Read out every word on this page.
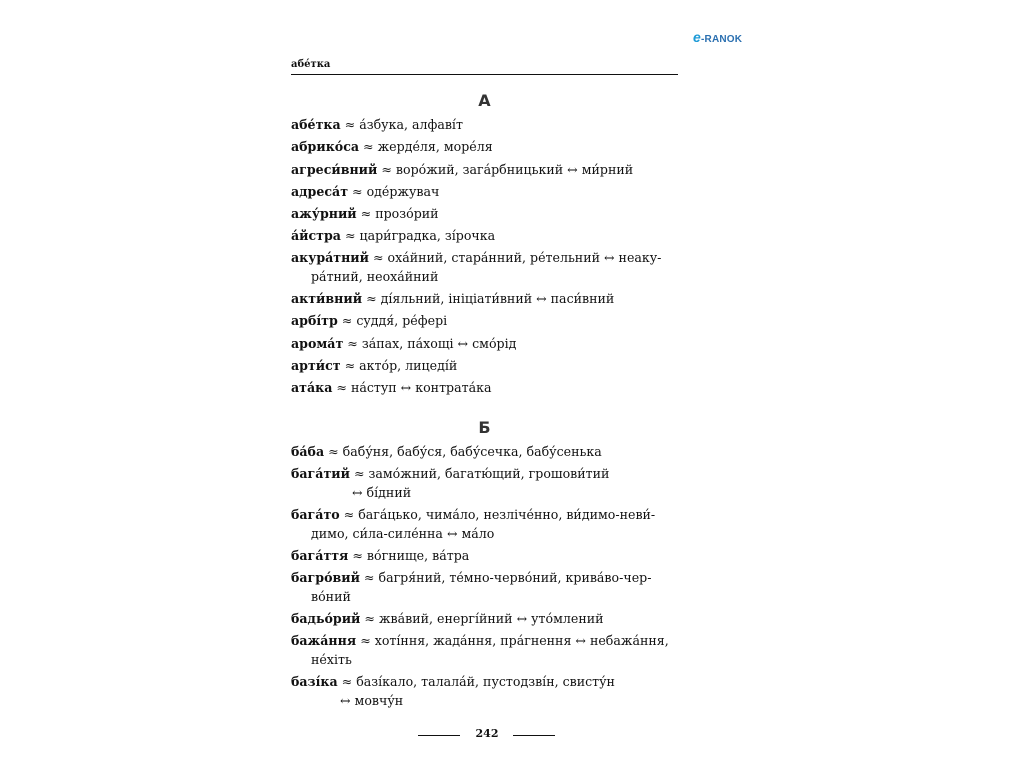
e-RANOK
абе́тка
А
абе́тка ≈ а́збука, алфаві́т
абрико́са ≈ жерде́ля, море́ля
агреси́вний ≈ воро́жий, зага́рбницький ↔ ми́рний
адреса́т ≈ оде́ржувач
ажу́рний ≈ прозо́рий
а́йстра ≈ цари́градка, зі́рочка
акура́тний ≈ оха́йний, стара́нний, ре́тельний ↔ неаку-
ра́тний, неоха́йний
акти́вний ≈ ді́яльний, ініціати́вний ↔ паси́вний
арбі́тр ≈ суддя́, ре́фері
арома́т ≈ за́пах, па́хощі ↔ смо́рід
арти́ст ≈ акто́р, лицеді́й
ата́ка ≈ на́ступ ↔ контрата́ка
Б
ба́ба ≈ бабу́ня, бабу́ся, бабу́сечка, бабу́сенька
бага́тий ≈ замо́жний, багатю́щий, грошови́тий
↔ бі́дний
бага́то ≈ бага́цько, чима́ло, незліче́нно, ви́димо-неви́-
димо, си́ла-силе́нна ↔ ма́ло
бага́ття ≈ во́гнище, ва́тра
багро́вий ≈ багря́ний, те́мно-черво́ний, крива́во-чер-
во́ний
бадьо́рий ≈ жва́вий, енергі́йний ↔ уто́млений
бажа́ння ≈ хоті́ння, жада́ння, пра́гнення ↔ небажа́ння,
не́хіть
базі́ка ≈ базі́кало, талала́й, пустодзві́н, свисту́н
↔ мовчу́н
242
